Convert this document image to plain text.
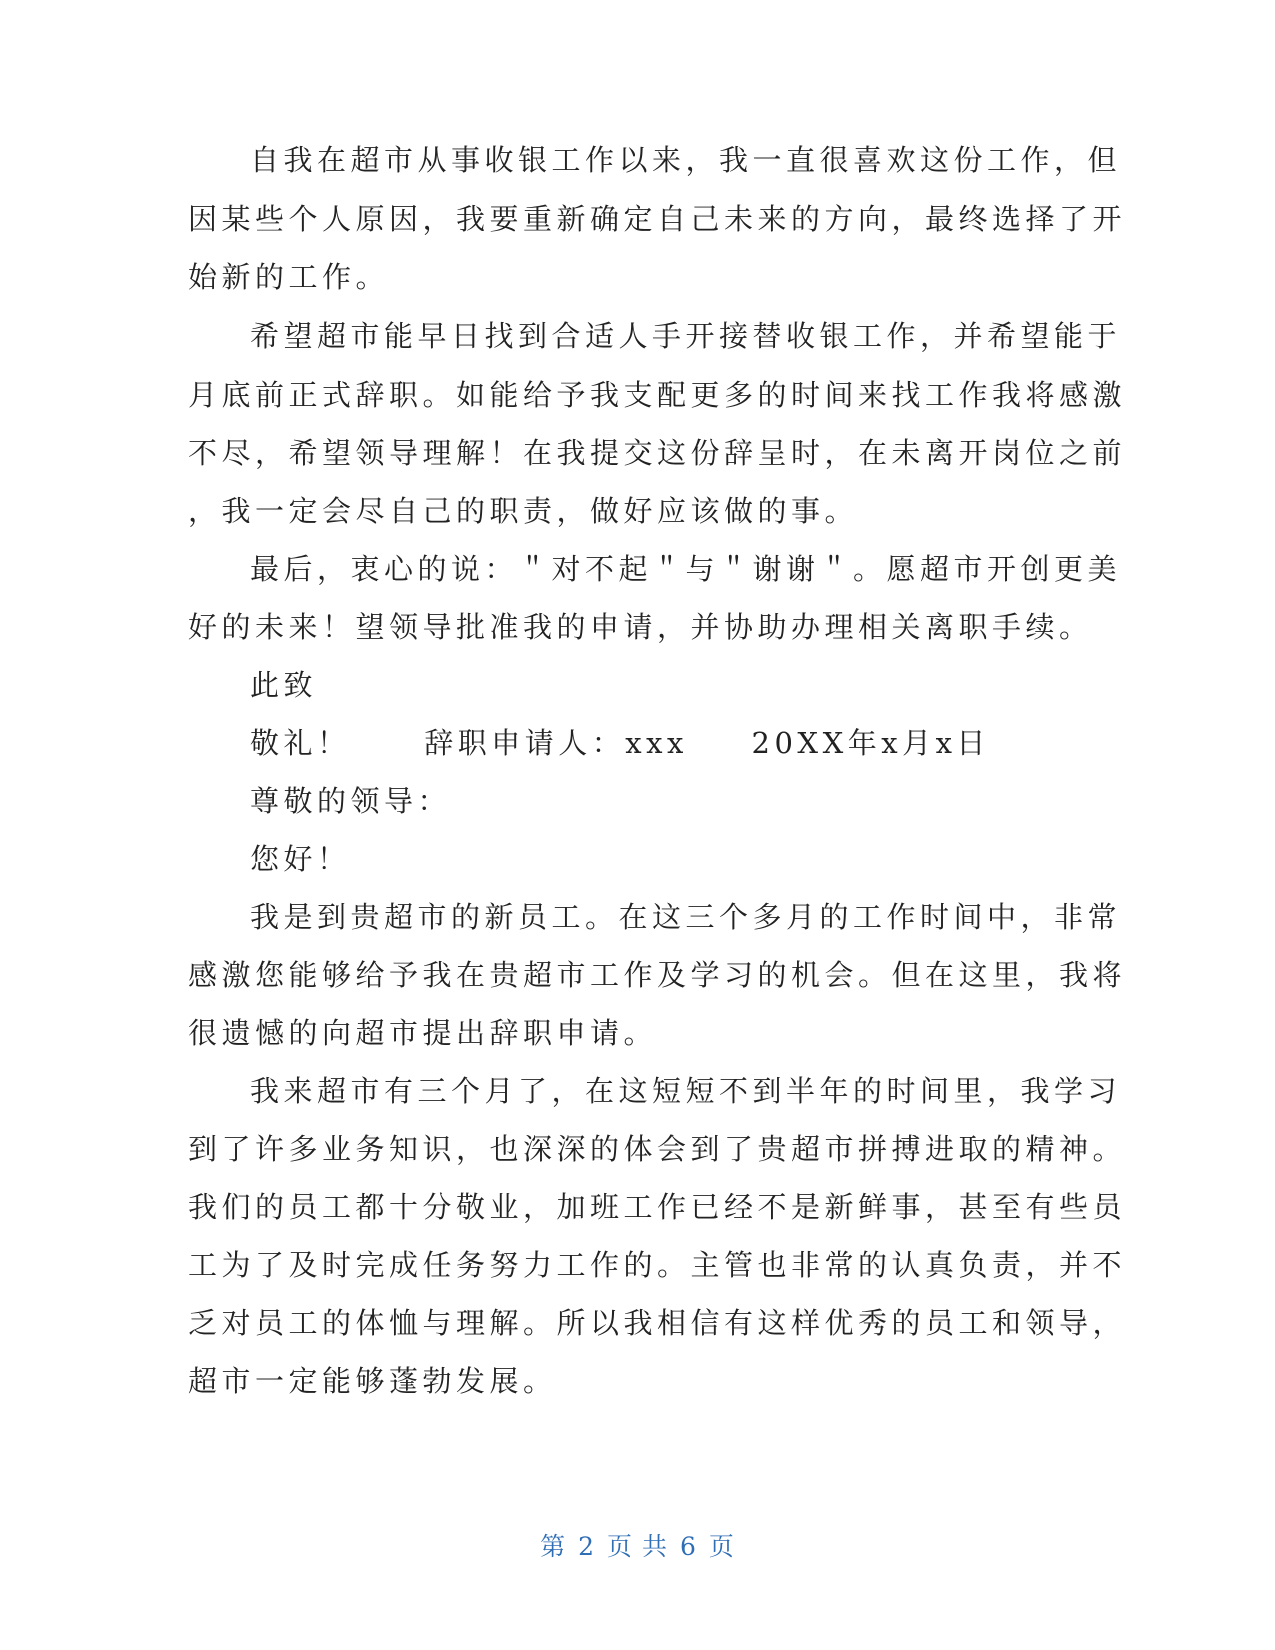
自我在超市从事收银工作以来，我一直很喜欢这份工作，但
因某些个人原因，我要重新确定自己未来的方向，最终选择了开
始新的工作。
希望超市能早日找到合适人手开接替收银工作，并希望能于
月底前正式辞职。如能给予我支配更多的时间来找工作我将感激
不尽，希望领导理解！在我提交这份辞呈时，在未离开岗位之前
，我一定会尽自己的职责，做好应该做的事。
最后，衷心的说：＂对不起＂与＂谢谢＂。愿超市开创更美
好的未来！望领导批准我的申请，并协助办理相关离职手续。
此致
敬礼！	辞职申请人：xxx 20XX年x月x日
尊敬的领导：
您好！
我是到贵超市的新员工。在这三个多月的工作时间中，非常
感激您能够给予我在贵超市工作及学习的机会。但在这里，我将
很遗憾的向超市提出辞职申请。
我来超市有三个月了，在这短短不到半年的时间里，我学习
到了许多业务知识，也深深的体会到了贵超市拼搏进取的精神。
我们的员工都十分敬业，加班工作已经不是新鲜事，甚至有些员
工为了及时完成任务努力工作的。主管也非常的认真负责，并不
乏对员工的体恤与理解。所以我相信有这样优秀的员工和领导，
超市一定能够蓬勃发展。
第 2 页 共 6 页
